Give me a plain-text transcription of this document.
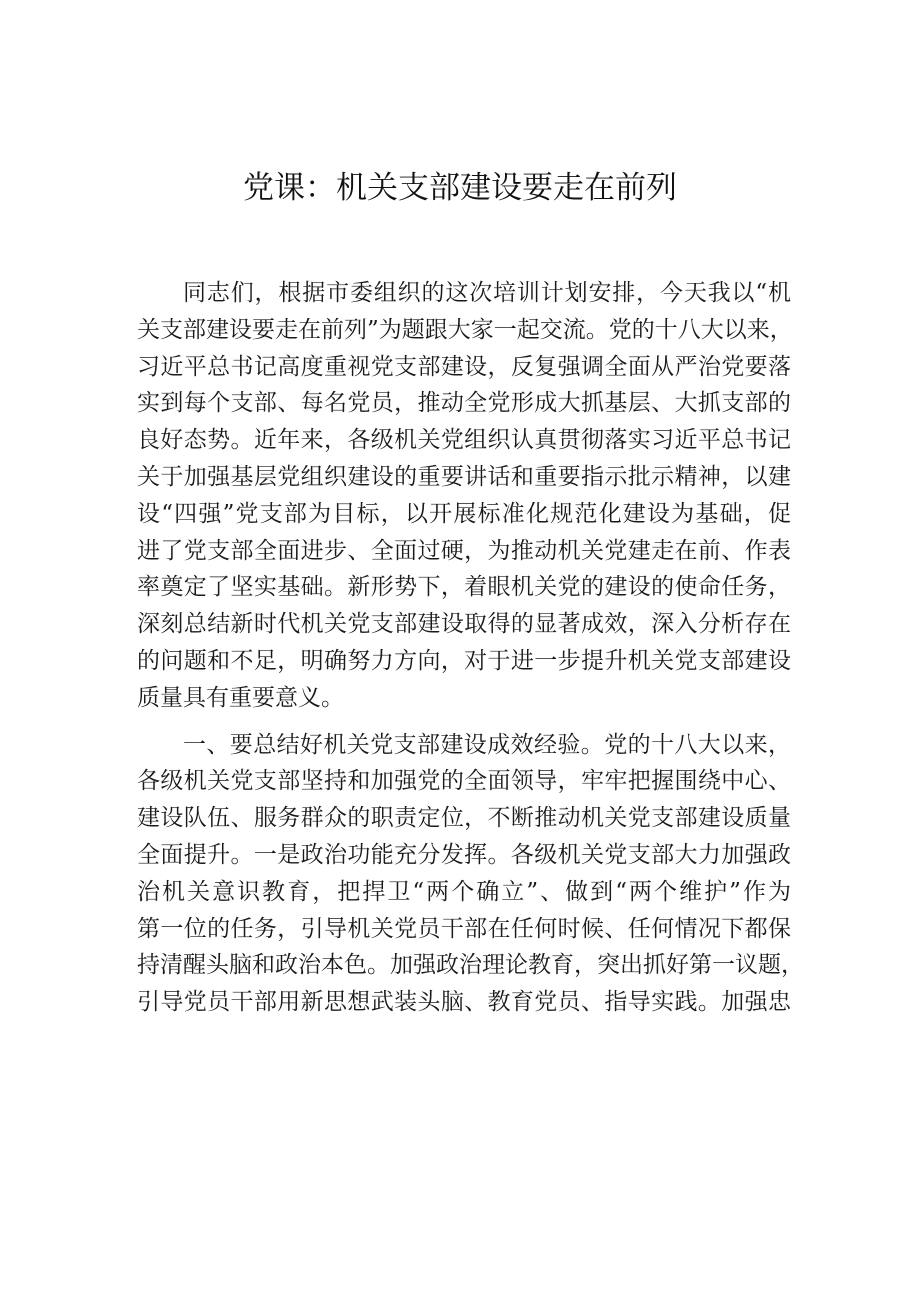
党课：机关支部建设要走在前列

同志们，根据市委组织的这次培训计划安排，今天我以“机
关支部建设要走在前列”为题跟大家一起交流。党的十八大以来，
习近平总书记高度重视党支部建设，反复强调全面从严治党要落
实到每个支部、每名党员，推动全党形成大抓基层、大抓支部的
良好态势。近年来，各级机关党组织认真贯彻落实习近平总书记
关于加强基层党组织建设的重要讲话和重要指示批示精神，以建
设“四强”党支部为目标，以开展标准化规范化建设为基础，促
进了党支部全面进步、全面过硬，为推动机关党建走在前、作表
率奠定了坚实基础。新形势下，着眼机关党的建设的使命任务，
深刻总结新时代机关党支部建设取得的显著成效，深入分析存在
的问题和不足，明确努力方向，对于进一步提升机关党支部建设
质量具有重要意义。

一、要总结好机关党支部建设成效经验。党的十八大以来，
各级机关党支部坚持和加强党的全面领导，牢牢把握围绕中心、
建设队伍、服务群众的职责定位，不断推动机关党支部建设质量
全面提升。一是政治功能充分发挥。各级机关党支部大力加强政
治机关意识教育，把捍卫“两个确立”、做到“两个维护”作为
第一位的任务，引导机关党员干部在任何时候、任何情况下都保
持清醒头脑和政治本色。加强政治理论教育，突出抓好第一议题，
引导党员干部用新思想武装头脑、教育党员、指导实践。加强忠
